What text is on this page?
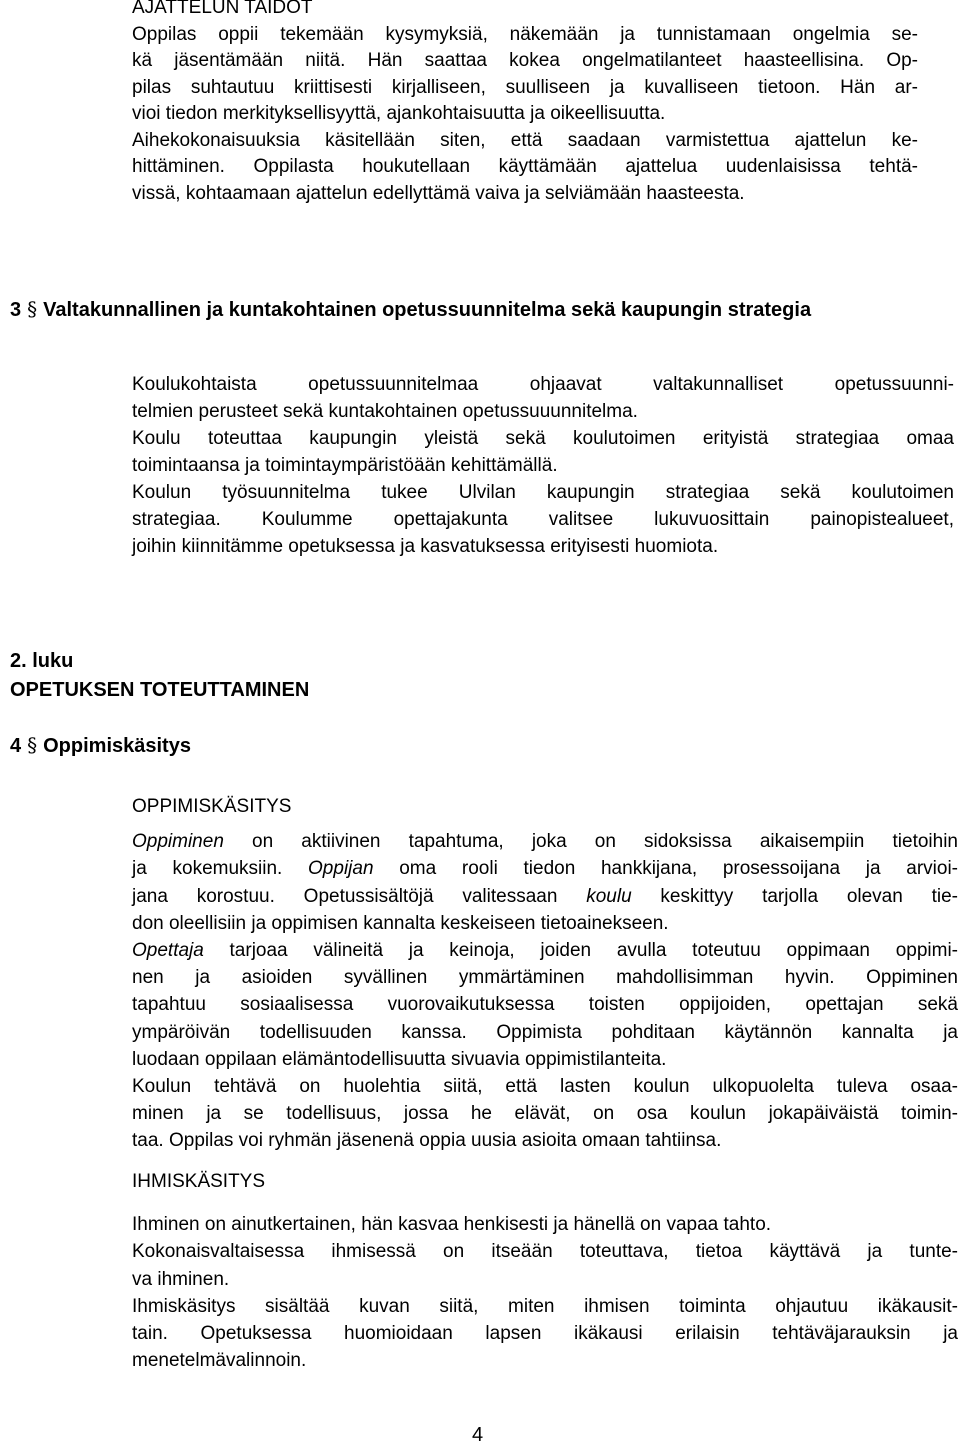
AJATTELUN TAIDOT
Oppilas oppii tekemään kysymyksiä, näkemään ja tunnistamaan ongelmia se-
kä jäsentämään niitä. Hän saattaa kokea ongelmatilanteet haasteellisina. Op-
pilas suhtautuu kriittisesti kirjalliseen, suulliseen ja kuvalliseen tietoon. Hän ar-
vioi tiedon merkityksellisyyttä, ajankohtaisuutta ja oikeellisuutta.
Aihekokonaisuuksia käsitellään siten, että saadaan varmistettua ajattelun ke-
hittäminen. Oppilasta houkutellaan käyttämään ajattelua uudenlaisissa tehtä-
vissä, kohtaamaan ajattelun edellyttämä vaiva ja selviämään haasteesta.
3 § Valtakunnallinen ja kuntakohtainen opetussuunnitelma sekä kaupungin strategia
Koulukohtaista opetussuunnitelmaa ohjaavat valtakunnalliset opetussuunni-
telmien perusteet sekä kuntakohtainen opetussuuunnitelma.
Koulu toteuttaa kaupungin yleistä sekä koulutoimen erityistä strategiaa omaa
toimintaansa ja toimintaympäristöään kehittämällä.
Koulun työsuunnitelma tukee Ulvilan kaupungin strategiaa sekä koulutoimen
strategiaa. Koulumme opettajakunta valitsee lukuvuosittain painopistealueet,
joihin kiinnitämme opetuksessa ja kasvatuksessa erityisesti huomiota.
2. luku
OPETUKSEN TOTEUTTAMINEN
4 § Oppimiskäsitys
OPPIMISKÄSITYS
Oppiminen on aktiivinen tapahtuma, joka on sidoksissa aikaisempiin tietoihin
ja kokemuksiin. Oppijan oma rooli tiedon hankkijana, prosessoijana ja arvioi-
jana korostuu. Opetussisältöjä valitessaan koulu keskittyy tarjolla olevan tie-
don oleellisiin ja oppimisen kannalta keskeiseen tietoainekseen.
Opettaja tarjoaa välineitä ja keinoja, joiden avulla toteutuu oppimaan oppimi-
nen ja asioiden syvällinen ymmärtäminen mahdollisimman hyvin. Oppiminen
tapahtuu sosiaalisessa vuorovaikutuksessa toisten oppijoiden, opettajan sekä
ympäröivän todellisuuden kanssa. Oppimista pohditaan käytännön kannalta ja
luodaan oppilaan elämäntodellisuutta sivuavia oppimistilanteita.
Koulun tehtävä on huolehtia siitä, että lasten koulun ulkopuolelta tuleva osaa-
minen ja se todellisuus, jossa he elävät, on osa koulun jokapäiväistä toimin-
taa. Oppilas voi ryhmän jäsenenä oppia uusia asioita omaan tahtiinsa.
IHMISKÄSITYS
Ihminen on ainutkertainen, hän kasvaa henkisesti ja hänellä on vapaa tahto.
Kokonaisvaltaisessa ihmisessä on itseään toteuttava, tietoa käyttävä ja tunte-
va ihminen.
Ihmiskäsitys sisältää kuvan siitä, miten ihmisen toiminta ohjautuu ikäkausit-
tain. Opetuksessa huomioidaan lapsen ikäkausi erilaisin tehtäväjarauksin ja
menetelmävalinnoin.
4
